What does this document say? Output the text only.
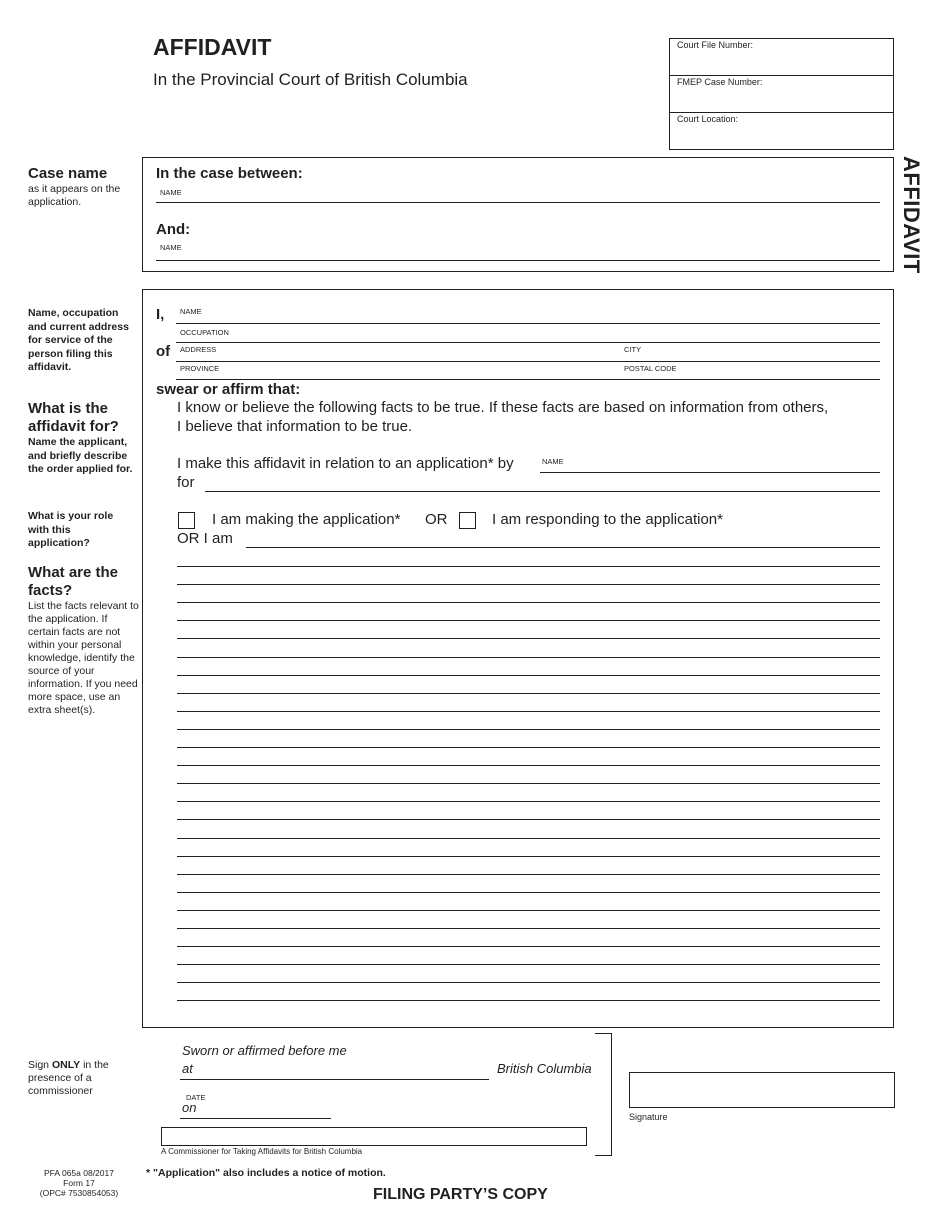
AFFIDAVIT
In the Provincial Court of British Columbia
Court File Number:
FMEP Case Number:
Court Location:
AFFIDAVIT
Case name
as it appears on the application.
Name, occupation and current address for service of the person filing this affidavit.
What is the affidavit for?
Name the applicant, and briefly describe the order applied for.
What is your role with this application?
What are the facts?
List the facts relevant to the application. If certain facts are not within your personal knowledge, identify the source of your information. If you need more space, use an extra sheet(s).
Sign ONLY in the presence of a commissioner
In the case between:
NAME
And:
NAME
I, NAME
OCCUPATION
of ADDRESS	CITY
PROVINCE	POSTAL CODE
swear or affirm that:
I know or believe the following facts to be true. If these facts are based on information from others,
I believe that information to be true.
I make this affidavit in relation to an application* by	NAME
for
I am making the application* OR	I am responding to the application*
OR I am
Sworn or affirmed before me
at	British Columbia
DATE
on
A Commissioner for Taking Affidavits for British Columbia
Signature
PFA 065a 08/2017
Form 17
(OPC# 7530854053)
* "Application" also includes a notice of motion.
FILING PARTY’S COPY
